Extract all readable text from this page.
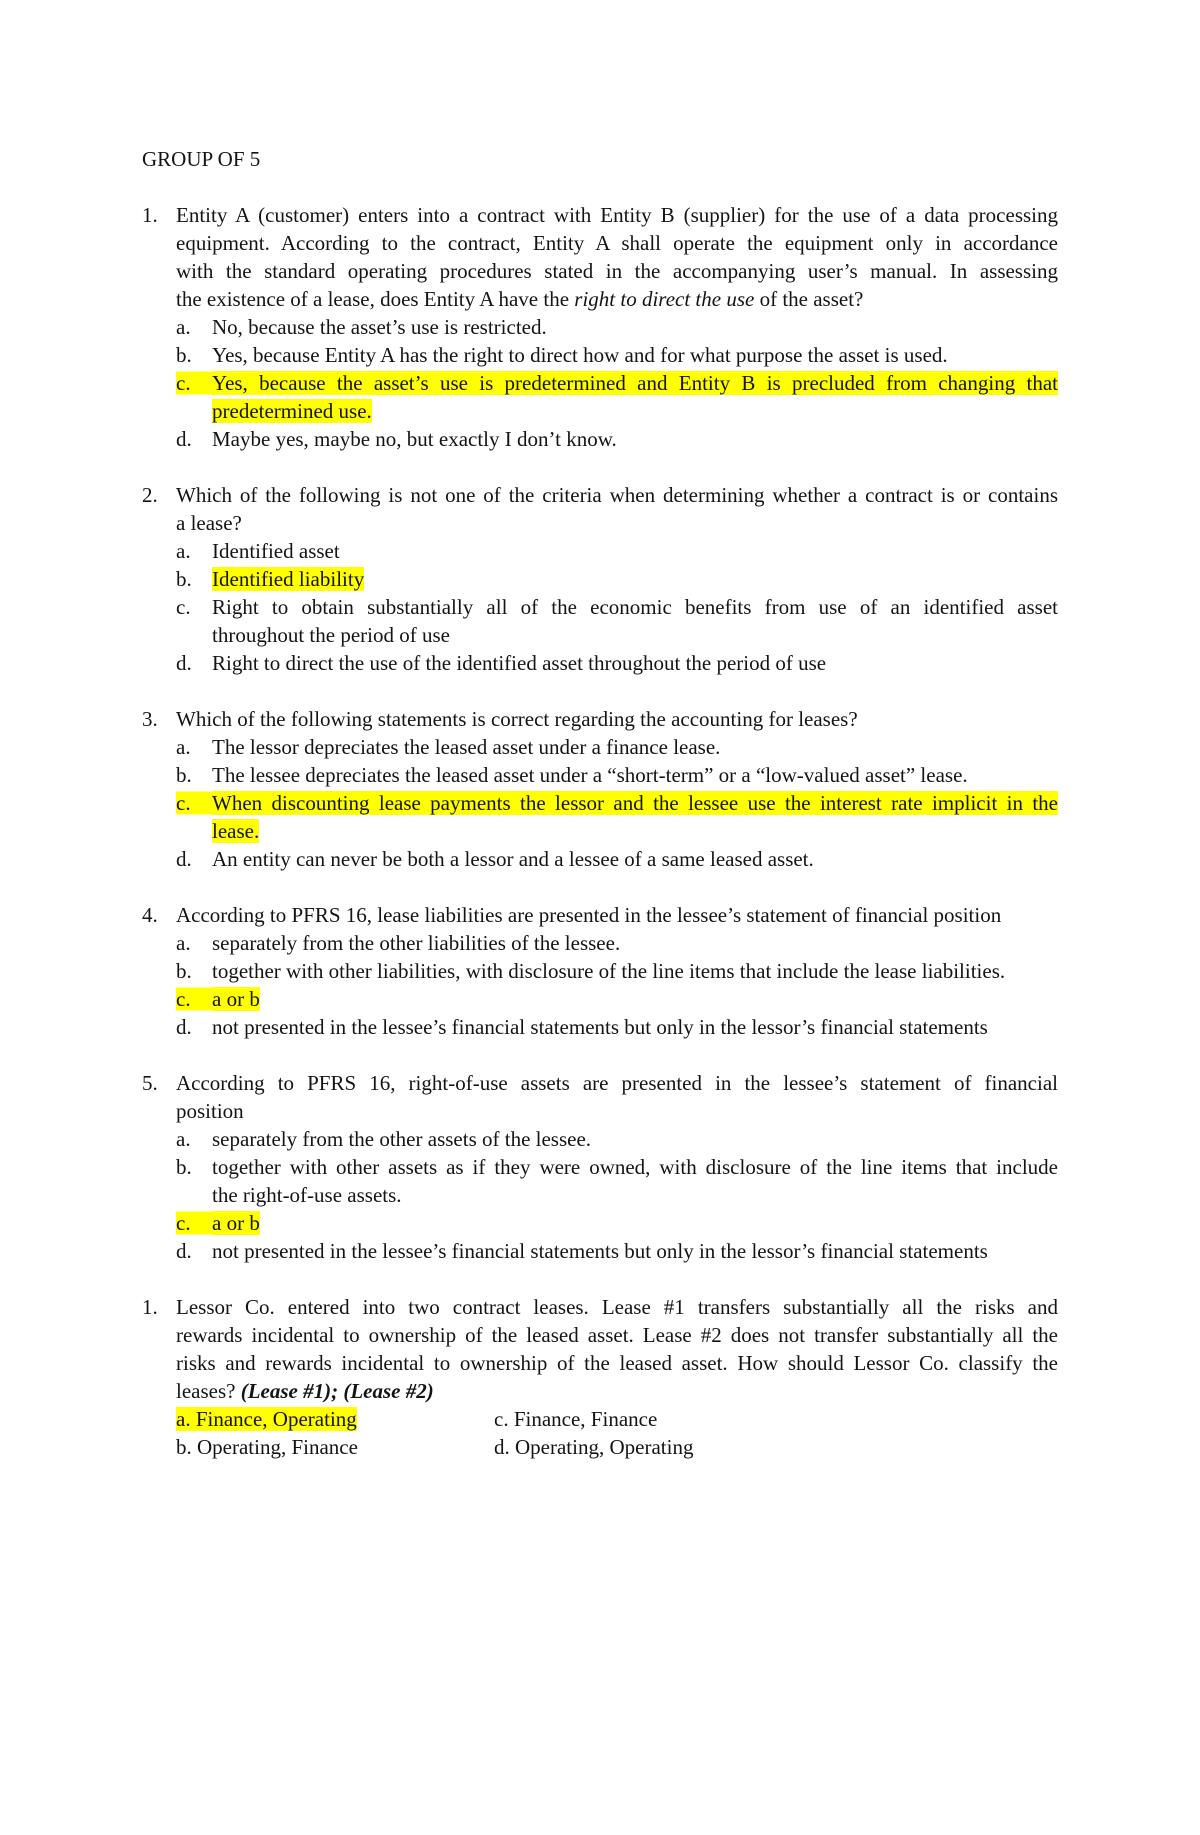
GROUP OF 5
1. Entity A (customer) enters into a contract with Entity B (supplier) for the use of a data processing
equipment. According to the contract, Entity A shall operate the equipment only in accordance
with the standard operating procedures stated in the accompanying user’s manual. In assessing
the existence of a lease, does Entity A have the right to direct the use of the asset?
a.	No, because the asset’s use is restricted.
b. Yes, because Entity A has the right to direct how and for what purpose the asset is used.
c.	Yes, because the asset’s use is predetermined and Entity B is precluded from changing that
predetermined use.
d. Maybe yes, maybe no, but exactly I don’t know.
2. Which of the following is not one of the criteria when determining whether a contract is or contains
a lease?
a.	Identified asset
b. Identified liability
c.	Right to obtain substantially all of the economic benefits from use of an identified asset
throughout the period of use
d. Right to direct the use of the identified asset throughout the period of use
3. Which of the following statements is correct regarding the accounting for leases?
a.	The lessor depreciates the leased asset under a finance lease.
b. The lessee depreciates the leased asset under a “short-term” or a “low-valued asset” lease.
c.	When discounting lease payments the lessor and the lessee use the interest rate implicit in the
lease.
d. An entity can never be both a lessor and a lessee of a same leased asset.
4. According to PFRS 16, lease liabilities are presented in the lessee’s statement of financial position
a.	separately from the other liabilities of the lessee.
b. together with other liabilities, with disclosure of the line items that include the lease liabilities.
c.	a or b
d. not presented in the lessee’s financial statements but only in the lessor’s financial statements
5. According to PFRS 16, right-of-use assets are presented in the lessee’s statement of financial
position
a.	separately from the other assets of the lessee.
b. together with other assets as if they were owned, with disclosure of the line items that include
the right-of-use assets.
c.	a or b
d. not presented in the lessee’s financial statements but only in the lessor’s financial statements
1. Lessor Co. entered into two contract leases. Lease #1 transfers substantially all the risks and
rewards incidental to ownership of the leased asset. Lease #2 does not transfer substantially all the
risks and rewards incidental to ownership of the leased asset. How should Lessor Co. classify the
leases? (Lease #1); (Lease #2)
a. Finance, Operating
b. Operating, Finance
c. Finance, Finance
d. Operating, Operating
